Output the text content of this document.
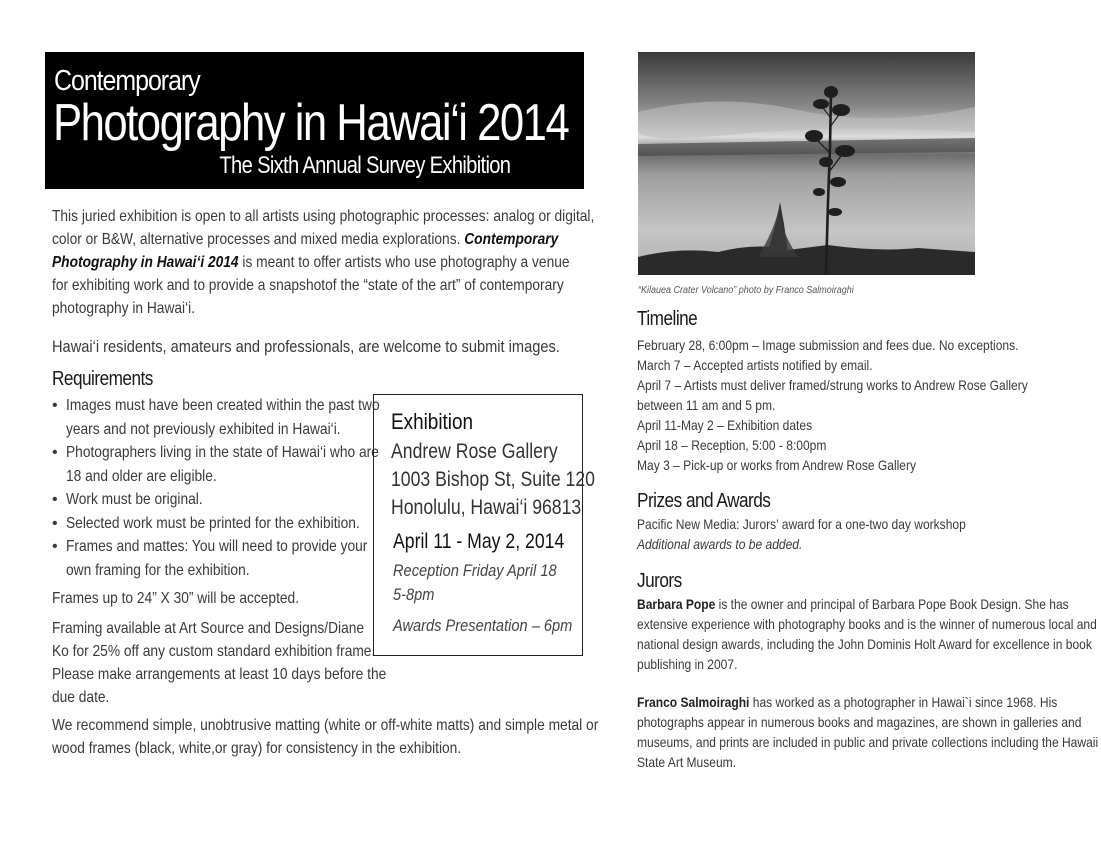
Contemporary
Photography in Hawai‘i 2014
The Sixth Annual Survey Exhibition
This juried exhibition is open to all artists using photographic processes: analog or digital,
color or B&W, alternative processes and mixed media explorations. Contemporary
Photography in Hawai‘i 2014 is meant to offer artists who use photography a venue
for exhibiting work and to provide a snapshotof the “state of the art” of contemporary
photography in Hawai‘i.
Hawai‘i residents, amateurs and professionals, are welcome to submit images.
Requirements
• Images must have been created within the past two
years and not previously exhibited in Hawai‘i.
• Photographers living in the state of Hawai‘i who are
18 and older are eligible.
• Work must be original.
• Selected work must be printed for the exhibition.
• Frames and mattes: You will need to provide your
own framing for the exhibition.
Frames up to 24” X 30” will be accepted.
Framing available at Art Source and Designs/Diane
Ko for 25% off any custom standard exhibition frame.
Please make arrangements at least 10 days before the
due date.
We recommend simple, unobtrusive matting (white or off-white matts) and simple metal or
wood frames (black, white,or gray) for consistency in the exhibition.
Exhibition
Andrew Rose Gallery
1003 Bishop St, Suite 120
Honolulu, Hawai‘i 96813
April 11 - May 2, 2014
Reception Friday April 18
5-8pm
Awards Presentation – 6pm
“Kilauea Crater Volcano” photo by Franco Salmoiraghi
Timeline
February 28, 6:00pm – Image submission and fees due. No exceptions.
March 7 – Accepted artists notified by email.
April 7 – Artists must deliver framed/strung works to Andrew Rose Gallery
between 11 am and 5 pm.
April 11-May 2 – Exhibition dates
April 18 – Reception, 5:00 - 8:00pm
May 3 – Pick-up or works from Andrew Rose Gallery
Prizes and Awards
Pacific New Media: Jurors’ award for a one-two day workshop
Additional awards to be added.
Jurors
Barbara Pope is the owner and principal of Barbara Pope Book Design. She has
extensive experience with photography books and is the winner of numerous local and
national design awards, including the John Dominis Holt Award for excellence in book
publishing in 2007.
Franco Salmoiraghi has worked as a photographer in Hawai`i since 1968. His
photographs appear in numerous books and magazines, are shown in galleries and
museums, and prints are included in public and private collections including the Hawaii
State Art Museum.
